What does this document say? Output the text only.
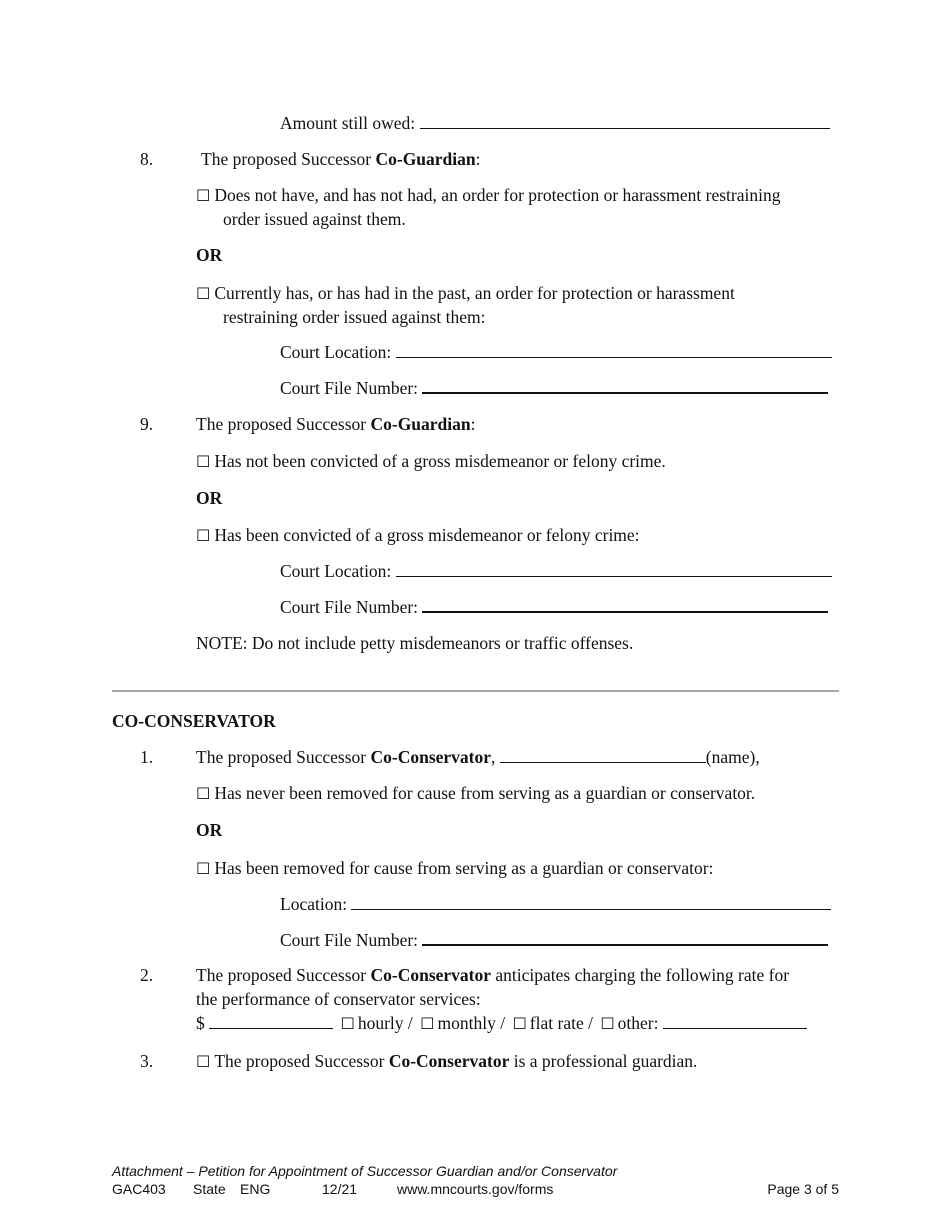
Amount still owed:
8.	The proposed Successor Co-Guardian:
☐ Does not have, and has not had, an order for protection or harassment restraining
order issued against them.
OR
☐ Currently has, or has had in the past, an order for protection or harassment
restraining order issued against them:
Court Location:
Court File Number:
9. The proposed Successor Co-Guardian:
☐ Has not been convicted of a gross misdemeanor or felony crime.
OR
☐ Has been convicted of a gross misdemeanor or felony crime:
Court Location:
Court File Number:
NOTE: Do not include petty misdemeanors or traffic offenses.
CO-CONSERVATOR
1. The proposed Successor Co-Conservator,	(name),
☐ Has never been removed for cause from serving as a guardian or conservator.
OR
☐ Has been removed for cause from serving as a guardian or conservator:
Location:
Court File Number:
2. The proposed Successor Co-Conservator anticipates charging the following rate for
the performance of conservator services:
$	☐ hourly / ☐ monthly / ☐ flat rate / ☐ other:
3.	☐ The proposed Successor Co-Conservator is a professional guardian.
Attachment – Petition for Appointment of Successor Guardian and/or Conservator
GAC403 State ENG	12/21	www.mncourts.gov/forms	Page 3 of 5
